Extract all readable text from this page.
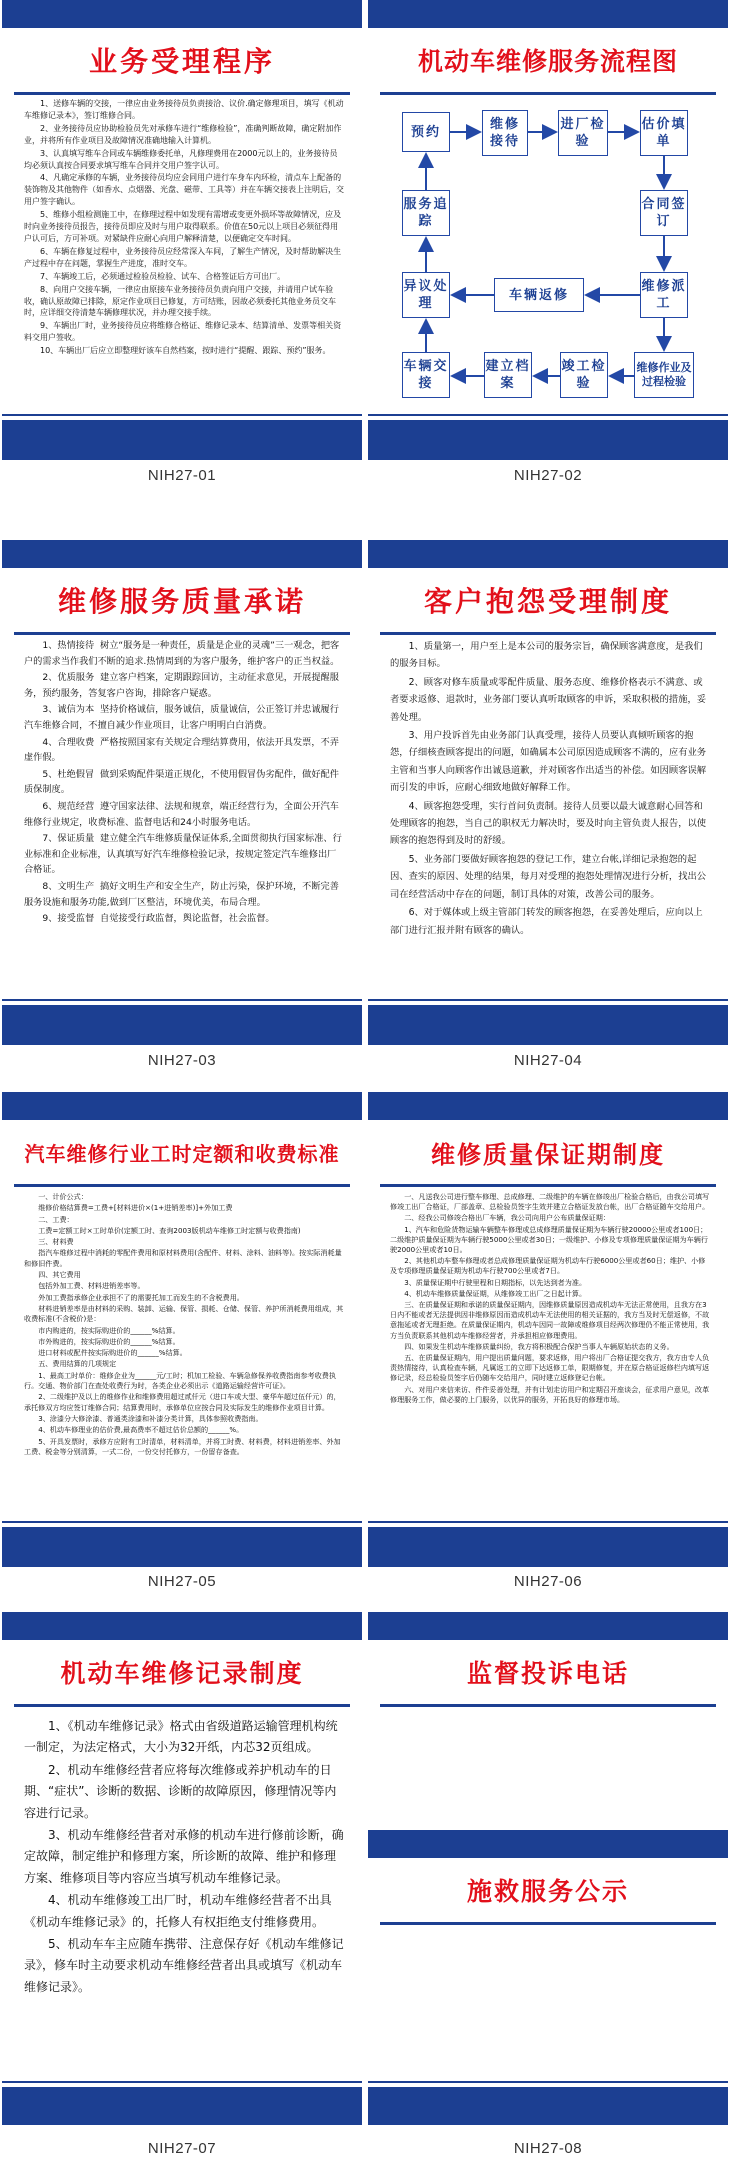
业务受理程序

1、送修车辆的交接，一律应由业务接待员负责接洽、议价.确定修理项目，填写《机动车维修记录本》，签订维修合同。

2、业务接待员应协助检验员先对承修车进行“维修检验”，准确判断故障，确定附加作业，并将所有作业项目及故障情况准确地输入计算机。

3、认真填写维车合同或车辆维修委托单，凡修理费用在2000元以上的，业务接待员均必须认真按合同要求填写维车合同并交用户签字认可。

4、凡确定承修的车辆，业务接待员均应会同用户进行车身车内环检，清点车上配备的装饰物及其他物件（如香水、点烟器、光盘、磁带、工具等）并在车辆交接表上注明后，交用户签字确认。

5、维修小组检测施工中，在修理过程中如发现有需增或变更外损坏等故障情况，应及时向业务接待员报告，接待员即应及时与用户取得联系。价值在50元以上项目必须征得用户认可后，方可补项。对紧缺件应耐心向用户解释清楚，以便确定交车时间。

6、车辆在修复过程中，业务接待员应经常深入车间，了解生产情况，及时帮助解决生产过程中存在问题，掌握生产进度，准时交车。

7、车辆竣工后，必须通过检验员检验、试车、合格签证后方可出厂。

8、向用户交接车辆，一律应由原接车业务接待员负责向用户交接，并请用户试车验收，确认原故障已排除，原定作业项目已修复，方可结账，因故必须委托其他业务员交车时，应详细交待清楚车辆修理状况，并办理交接手续。

9、车辆出厂时，业务接待员应将维修合格证、维修记录本、结算清单、发票等相关资料交用户签收。

10、车辆出厂后应立即整理好该车自然档案，按时进行“提醒、跟踪、预约”服务。

NIH27-01
机动车维修服务流程图
预约	维修接待
进厂检验
估价填单
服务追踪
合同签订
异议处理
车辆返修
维修派工
车辆交接
建立档案
竣工检验
维修作业及过程检验
NIH27-02
维修服务质量承诺

1、热情接待  树立“服务是一种责任，质量是企业的灵魂”三一观念，把客户的需求当作我们不断的追求.热情周到的为客户服务，维护客户的正当权益。

2、优质服务  建立客户档案，定期跟踪回访，主动征求意见，开展提醒服务，预约服务，答复客户咨询，排除客户疑惑。

3、诚信为本  坚持价格诚信，服务诚信，质量诚信，公正签订并忠诚履行汽车维修合同，不擅自减少作业项目，让客户明明白白消费。

4、合理收费  严格按照国家有关规定合理结算费用，依法开具发票，不弄虚作假。

5、杜绝假冒  做到采购配件渠道正规化，不使用假冒伪劣配件，做好配件质保制度。

6、规范经营  遵守国家法律、法规和规章，端正经营行为，全面公开汽车维修行业规定，收费标准、监督电话和24小时服务电话。

7、保证质量  建立健全汽车维修质量保证体系,全面贯彻执行国家标准、行业标准和企业标准，认真填写好汽车维修检验记录，按规定签定汽车维修出厂合格证。

8、文明生产  搞好文明生产和安全生产，防止污染，保护环境，不断完善服务设施和服务功能,做到厂区整洁，环境优美，布局合理。

9、接受监督  自觉接受行政监督，舆论监督，社会监督。

NIH27-03
客户抱怨受理制度

1、质量第一，用户至上是本公司的服务宗旨，确保顾客满意度，是我们的服务目标。

2、顾客对修车质量或零配件质量、服务态度、维修价格表示不满意、或者要求返修、退款时，业务部门要认真听取顾客的申诉，采取积极的措施，妥善处理。

3、用户投诉首先由业务部门认真受理，接待人员要认真倾听顾客的抱怨，仔细核查顾客提出的问题，如确属本公司原因造成顾客不满的，应有业务主管和当事人向顾客作出诚恳道歉，并对顾客作出适当的补偿。如因顾客误解而引发的申诉，应耐心细致地做好解释工作。

4、顾客抱怨受理，实行首问负责制。接待人员要以最大诚意耐心回答和处理顾客的抱怨，当自己的职权无力解决时，要及时向主管负责人报告，以使顾客的抱怨得到及时的舒缓。

5、业务部门要做好顾客抱怨的登记工作，建立台帐,详细记录抱怨的起因、查实的原因、处理的结果，每月对受理的抱怨处理情况进行分析，找出公司在经营活动中存在的问题，制订具体的对策，改善公司的服务。

6、对于媒体或上级主管部门转发的顾客抱怨，在妥善处理后，应向以上部门进行汇报并附有顾客的确认。

NIH27-04
汽车维修行业工时定额和收费标准

一、计价公式：

维修价格结算费=工费+[材料进价×(1+进销差率)]+外加工费

二、工费：

工费=定额工时×工时单价(定额工时、查询2003版机动车维修工时定额与收费指南)

三、材料费

指汽车维修过程中消耗的零配件费用和原材料费用(含配件、材料、涂料、油料等)。按实际消耗量和修旧件费。

四、其它费用

包括外加工费、材料进销差率等。

外加工费指承修企业承担不了的需要托加工而发生的不含税费用。

材料进销差率是由材料的采购、装卸、运输、保管、损耗、仓储、保管、养护所消耗费用组成，其收费标准(不含税价)是：

市内购进的，按实际购进价的______%结算。

市外购进的，按实际购进价的______%结算。

进口材料或配件按实际购进价的______%结算。

五、费用结算的几项规定

1、最高工时单价：维修企业为______元/工时；机加工检验、车辆急修保养收费指南参考收费执行。交通、物价部门在查处收费行为时，各类企业必须出示《道路运输经营许可证》。

2、二级维护及以上的维修作业和维修费用超过贰仟元（进口车或大型、豪华车超过伍仟元）的，承托修双方均应签订维修合同；结算费用时，承修单位应按合同及实际发生的维修作业项目计算。

3、涂漆分大修涂漆、普通类涂漆和补漆分类计算，具体参照收费指南。

4、机动车修理业的估价费,最高费率不超过估价总额的______%。

5、开具发票时，承修方应附有工时清单，材料清单，并将工时费、材料费，材料进销差率、外加工费、税金等分别清算，一式二份，一份交付托修方，一份留存备查。

NIH27-05
维修质量保证期制度

一、凡送我公司进行整车修理、总成修理、二级维护的车辆在修竣出厂检验合格后，由我公司填写修竣工出厂合格证，厂部盖章、总检验员签字生效并建立合格证发放台帐，出厂合格证随车交给用户。

二、经我公司修竣合格出厂车辆，我公司向用户公布质量保证期：

1、汽车和危险货物运输车辆整车修理或总成修理质量保证期为车辆行驶20000公里或者100日；二级维护质量保证期为车辆行驶5000公里或者30日；一级维护、小修及专项修理质量保证期为车辆行驶2000公里或者10日。

2、其他机动车整车修理或者总成修理质量保证期为机动车行驶6000公里或者60日；维护、小修及专项修理质量保证期为机动车行驶700公里或者7日。

3、质量保证期中行驶里程和日期指标，以先达到者为准。

4、机动车维修质量保证期，从维修竣工出厂之日起计算。

三、在质量保证期和承诺的质量保证期内，因维修质量原因造成机动车无法正常使用，且我方在3日内不能或者无法提供因非维修原因而造成机动车无法使用的相关证据的，我方当及时无偿返修，不故意拖延或者无理拒绝。在质量保证期内，机动车因同一故障或维修项目经两次修理仍不能正常使用，我方当负责联系其他机动车维修经营者，并承担相应修理费用。

四、如果发生机动车维修质量纠纷，我方将积极配合保护当事人车辆原始状态的义务。

五、在质量保证期内，用户提出质量问题，要求返修，用户将出厂合格证提交我方，我方由专人负责热情接待，认真检查车辆，凡属返工的立即下达返修工单，限期修复，并在原合格证返修栏内填写返修记录，经总检验员签字后仍随车交给用户，同时建立返修登记台帐。

六、对用户来信来访、件件妥善处理，并有计划走访用户和定期召开座谈会，征求用户意见，改革修理服务工作，做必要的上门服务，以优异的服务，开拓良好的修理市场。

NIH27-06
机动车维修记录制度

1、《机动车维修记录》格式由省级道路运输管理机构统一制定，为法定格式，大小为32开纸，内芯32页组成。

2、机动车维修经营者应将每次维修或养护机动车的日期、“症状”、诊断的数据、诊断的故障原因，修理情况等内容进行记录。

3、机动车维修经营者对承修的机动车进行修前诊断，确定故障，制定维护和修理方案，所诊断的故障、维护和修理方案、维修项目等内容应当填写机动车维修记录。

4、机动车维修竣工出厂时，机动车维修经营者不出具《机动车维修记录》的，托修人有权拒绝支付维修费用。

5、机动车车主应随车携带、注意保存好《机动车维修记录》，修车时主动要求机动车维修经营者出具或填写《机动车维修记录》。

NIH27-07
监督投诉电话
施救服务公示
NIH27-08
